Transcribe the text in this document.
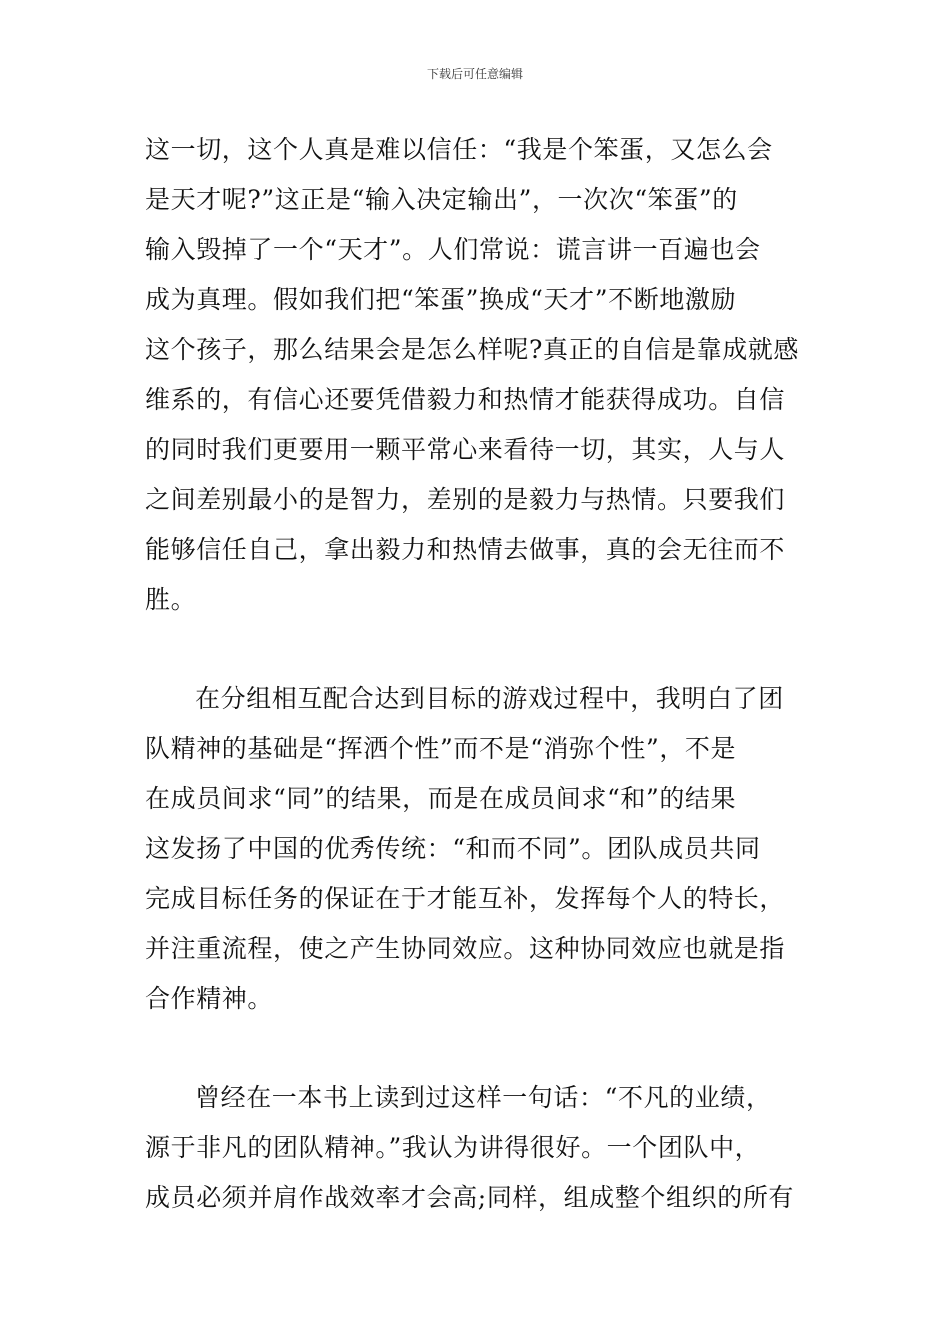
下载后可任意编辑
这一切，这个人真是难以信任：“我是个笨蛋，又怎么会
是天才呢?”这正是“输入决定输出”，一次次“笨蛋”的
输入毁掉了一个“天才”。人们常说：谎言讲一百遍也会
成为真理。假如我们把“笨蛋”换成“天才”不断地激励
这个孩子，那么结果会是怎么样呢?真正的自信是靠成就感
维系的，有信心还要凭借毅力和热情才能获得成功。自信
的同时我们更要用一颗平常心来看待一切，其实，人与人
之间差别最小的是智力，差别的是毅力与热情。只要我们
能够信任自己，拿出毅力和热情去做事，真的会无往而不
胜。
在分组相互配合达到目标的游戏过程中，我明白了团
队精神的基础是“挥洒个性”而不是“消弥个性”，不是
在成员间求“同”的结果，而是在成员间求“和”的结果
这发扬了中国的优秀传统：“和而不同”。团队成员共同
完成目标任务的保证在于才能互补，发挥每个人的特长，
并注重流程，使之产生协同效应。这种协同效应也就是指
合作精神。
曾经在一本书上读到过这样一句话：“不凡的业绩，
源于非凡的团队精神。”我认为讲得很好。一个团队中，
成员必须并肩作战效率才会高;同样，组成整个组织的所有
